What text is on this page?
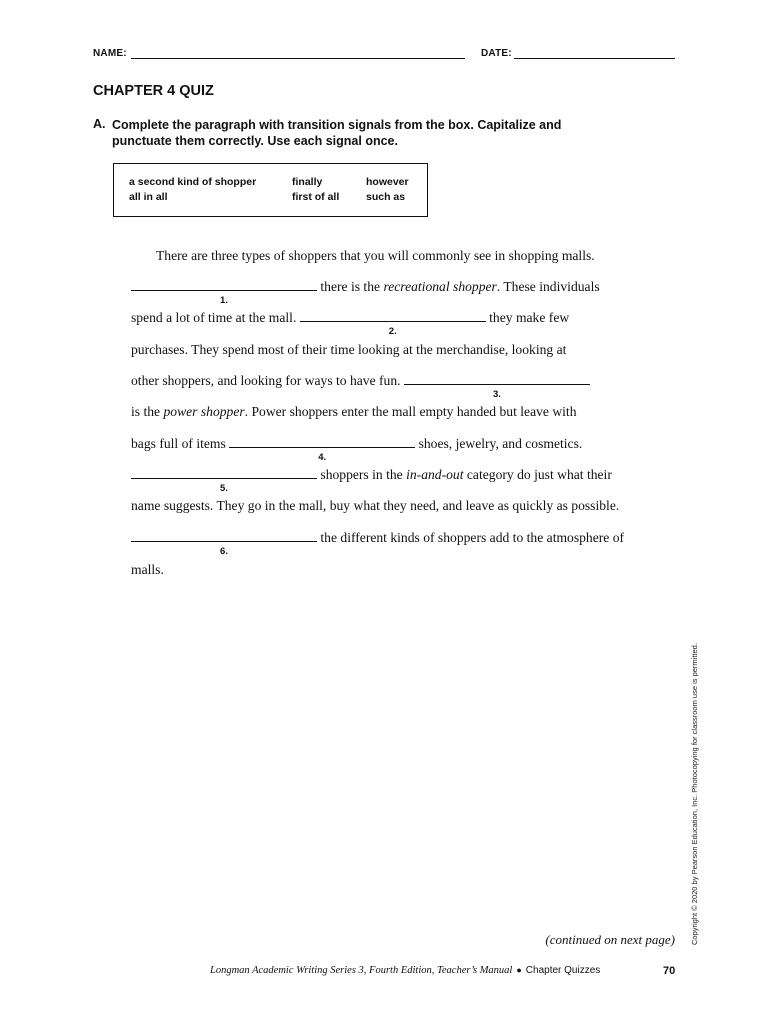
NAME:	DATE:
CHAPTER 4 QUIZ
A. Complete the paragraph with transition signals from the box. Capitalize and punctuate them correctly. Use each signal once.
a second kind of shopper	finally	however
all in all	first of all	such as
There are three types of shoppers that you will commonly see in shopping malls.
1.
there is the recreational shopper. These individuals
spend a lot of time at the mall.
2.
they make few
purchases. They spend most of their time looking at the merchandise, looking at
other shoppers, and looking for ways to have fun.
3.
is the power shopper. Power shoppers enter the mall empty handed but leave with
bags full of items
4.
shoes, jewelry, and cosmetics.
5.
shoppers in the in-and-out category do just what their
name suggests. They go in the mall, buy what they need, and leave as quickly as possible.
6.
the different kinds of shoppers add to the atmosphere of
malls.
Copyright © 2020 by Pearson Education, Inc. Photocopying for classroom use is permitted.
(continued on next page)
Longman Academic Writing Series 3, Fourth Edition, Teacher’s Manual ● Chapter Quizzes	70
